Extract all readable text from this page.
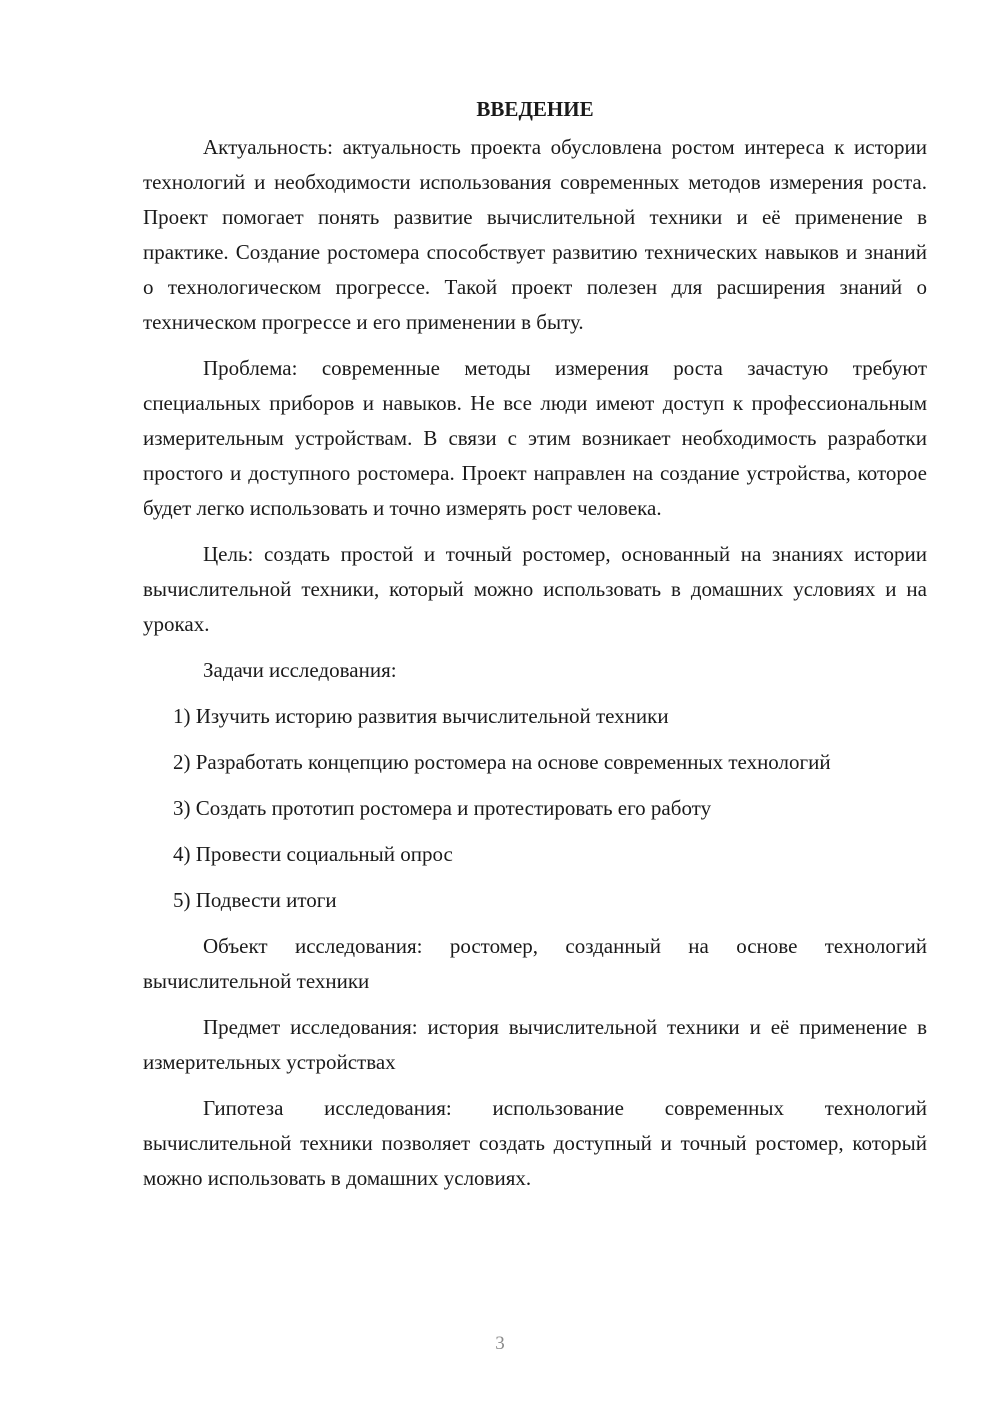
ВВЕДЕНИЕ

Актуальность: актуальность проекта обусловлена ростом интереса к истории технологий и необходимости использования современных методов измерения роста. Проект помогает понять развитие вычислительной техники и её применение в практике. Создание ростомера способствует развитию технических навыков и знаний о технологическом прогрессе. Такой проект полезен для расширения знаний о техническом прогрессе и его применении в быту.

Проблема: современные методы измерения роста зачастую требуют специальных приборов и навыков. Не все люди имеют доступ к профессиональным измерительным устройствам. В связи с этим возникает необходимость разработки простого и доступного ростомера. Проект направлен на создание устройства, которое будет легко использовать и точно измерять рост человека.

Цель: создать простой и точный ростомер, основанный на знаниях истории вычислительной техники, который можно использовать в домашних условиях и на уроках.

Задачи исследования:

1) Изучить историю развития вычислительной техники

2) Разработать концепцию ростомера на основе современных технологий

3) Создать прототип ростомера и протестировать его работу

4) Провести социальный опрос

5) Подвести итоги

Объект исследования: ростомер, созданный на основе технологий вычислительной техники

Предмет исследования: история вычислительной техники и её применение в измерительных устройствах

Гипотеза исследования: использование современных технологий вычислительной техники позволяет создать доступный и точный ростомер, который можно использовать в домашних условиях.

3
